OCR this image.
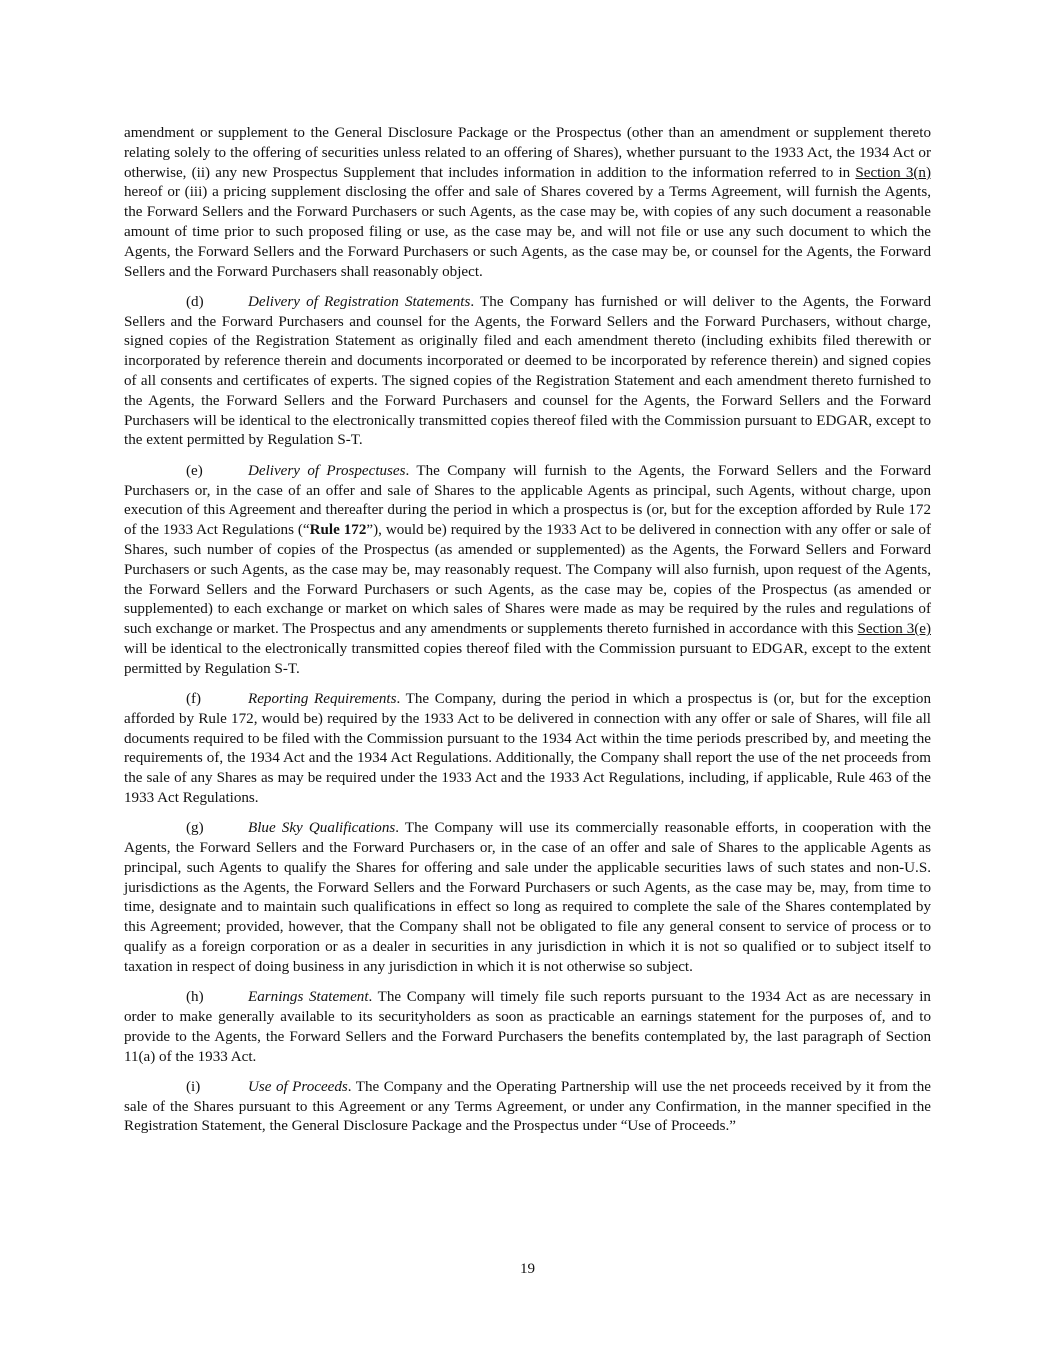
amendment or supplement to the General Disclosure Package or the Prospectus (other than an amendment or supplement thereto relating solely to the offering of securities unless related to an offering of Shares), whether pursuant to the 1933 Act, the 1934 Act or otherwise, (ii) any new Prospectus Supplement that includes information in addition to the information referred to in Section 3(n) hereof or (iii) a pricing supplement disclosing the offer and sale of Shares covered by a Terms Agreement, will furnish the Agents, the Forward Sellers and the Forward Purchasers or such Agents, as the case may be, with copies of any such document a reasonable amount of time prior to such proposed filing or use, as the case may be, and will not file or use any such document to which the Agents, the Forward Sellers and the Forward Purchasers or such Agents, as the case may be, or counsel for the Agents, the Forward Sellers and the Forward Purchasers shall reasonably object.

(d)	Delivery of Registration Statements. The Company has furnished or will deliver to the Agents, the Forward Sellers and the Forward Purchasers and counsel for the Agents, the Forward Sellers and the Forward Purchasers, without charge, signed copies of the Registration Statement as originally filed and each amendment thereto (including exhibits filed therewith or incorporated by reference therein and documents incorporated or deemed to be incorporated by reference therein) and signed copies of all consents and certificates of experts. The signed copies of the Registration Statement and each amendment thereto furnished to the Agents, the Forward Sellers and the Forward Purchasers and counsel for the Agents, the Forward Sellers and the Forward Purchasers will be identical to the electronically transmitted copies thereof filed with the Commission pursuant to EDGAR, except to the extent permitted by Regulation S-T.

(e)	Delivery of Prospectuses. The Company will furnish to the Agents, the Forward Sellers and the Forward Purchasers or, in the case of an offer and sale of Shares to the applicable Agents as principal, such Agents, without charge, upon execution of this Agreement and thereafter during the period in which a prospectus is (or, but for the exception afforded by Rule 172 of the 1933 Act Regulations (“Rule 172”), would be) required by the 1933 Act to be delivered in connection with any offer or sale of Shares, such number of copies of the Prospectus (as amended or supplemented) as the Agents, the Forward Sellers and Forward Purchasers or such Agents, as the case may be, may reasonably request. The Company will also furnish, upon request of the Agents, the Forward Sellers and the Forward Purchasers or such Agents, as the case may be, copies of the Prospectus (as amended or supplemented) to each exchange or market on which sales of Shares were made as may be required by the rules and regulations of such exchange or market. The Prospectus and any amendments or supplements thereto furnished in accordance with this Section 3(e) will be identical to the electronically transmitted copies thereof filed with the Commission pursuant to EDGAR, except to the extent permitted by Regulation S-T.

(f)	Reporting Requirements. The Company, during the period in which a prospectus is (or, but for the exception afforded by Rule 172, would be) required by the 1933 Act to be delivered in connection with any offer or sale of Shares, will file all documents required to be filed with the Commission pursuant to the 1934 Act within the time periods prescribed by, and meeting the requirements of, the 1934 Act and the 1934 Act Regulations. Additionally, the Company shall report the use of the net proceeds from the sale of any Shares as may be required under the 1933 Act and the 1933 Act Regulations, including, if applicable, Rule 463 of the 1933 Act Regulations.

(g)	Blue Sky Qualifications. The Company will use its commercially reasonable efforts, in cooperation with the Agents, the Forward Sellers and the Forward Purchasers or, in the case of an offer and sale of Shares to the applicable Agents as principal, such Agents to qualify the Shares for offering and sale under the applicable securities laws of such states and non-U.S. jurisdictions as the Agents, the Forward Sellers and the Forward Purchasers or such Agents, as the case may be, may, from time to time, designate and to maintain such qualifications in effect so long as required to complete the sale of the Shares contemplated by this Agreement; provided, however, that the Company shall not be obligated to file any general consent to service of process or to qualify as a foreign corporation or as a dealer in securities in any jurisdiction in which it is not so qualified or to subject itself to taxation in respect of doing business in any jurisdiction in which it is not otherwise so subject.

(h)	Earnings Statement. The Company will timely file such reports pursuant to the 1934 Act as are necessary in order to make generally available to its securityholders as soon as practicable an earnings statement for the purposes of, and to provide to the Agents, the Forward Sellers and the Forward Purchasers the benefits contemplated by, the last paragraph of Section 11(a) of the 1933 Act.

(i)	Use of Proceeds. The Company and the Operating Partnership will use the net proceeds received by it from the sale of the Shares pursuant to this Agreement or any Terms Agreement, or under any Confirmation, in the manner specified in the Registration Statement, the General Disclosure Package and the Prospectus under “Use of Proceeds.”

19
